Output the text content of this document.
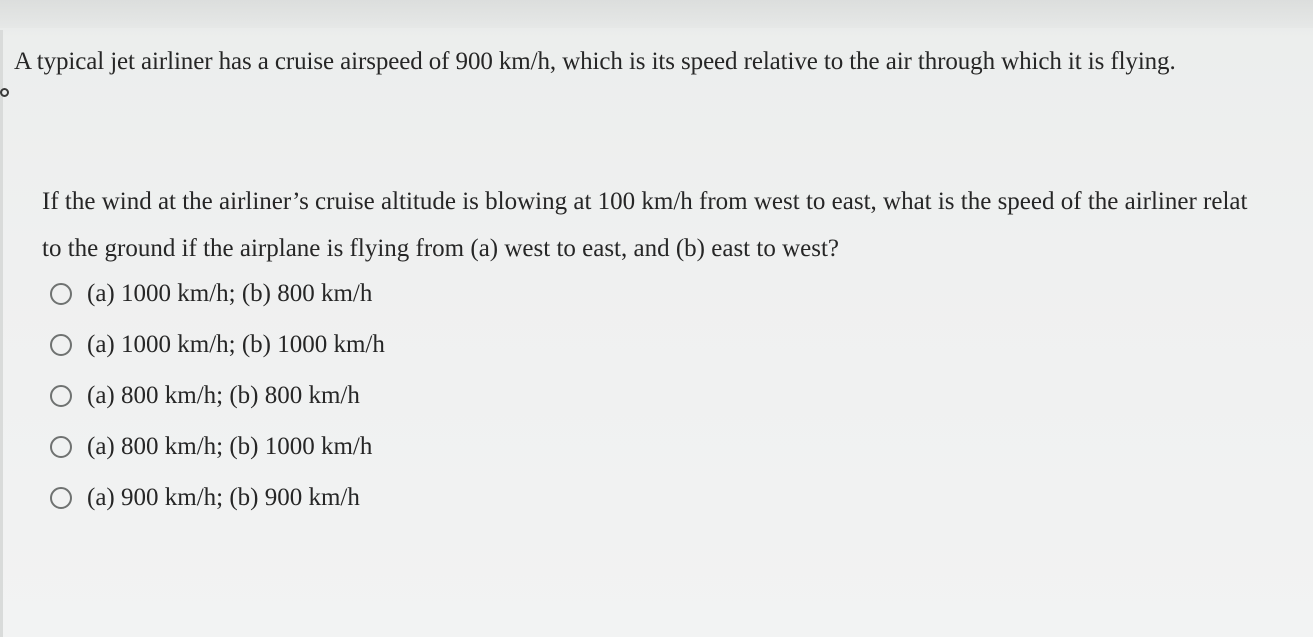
A typical jet airliner has a cruise airspeed of 900 km/h, which is its speed relative to the air through which it is flying.

If the wind at the airliner’s cruise altitude is blowing at 100 km/h from west to east, what is the speed of the airliner relat
to the ground if the airplane is flying from (a) west to east, and (b) east to west?

(a) 1000 km/h; (b) 800 km/h
(a) 1000 km/h; (b) 1000 km/h
(a) 800 km/h; (b) 800 km/h
(a) 800 km/h; (b) 1000 km/h
(a) 900 km/h; (b) 900 km/h
